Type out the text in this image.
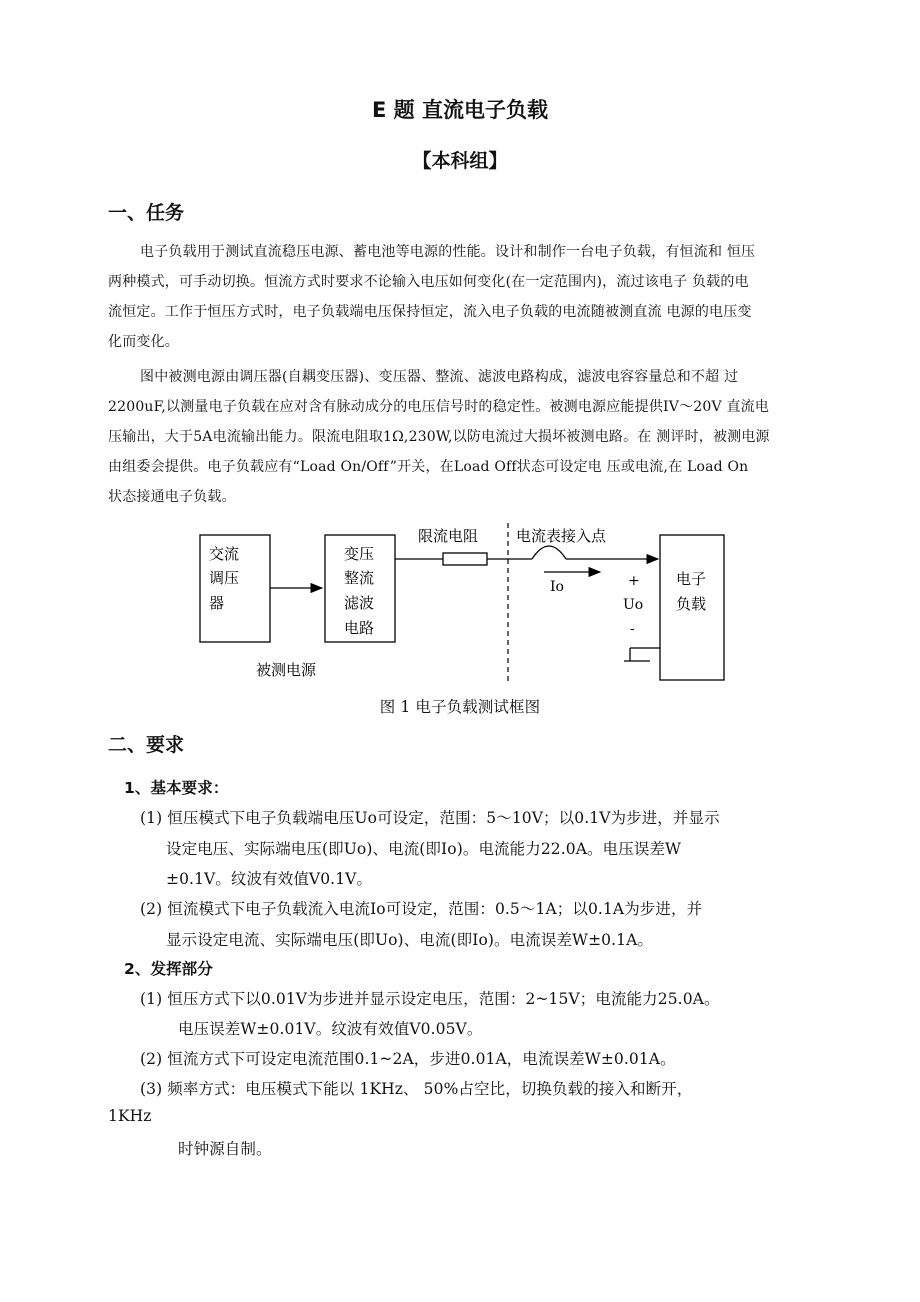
E 题 直流电子负载
【本科组】
一、任务
电子负载用于测试直流稳压电源、蓄电池等电源的性能。设计和制作一台电子负载，有恒流和 恒压
两种模式，可手动切换。恒流方式时要求不论输入电压如何变化(在一定范围内)，流过该电子 负载的电
流恒定。工作于恒压方式时，电子负载端电压保持恒定，流入电子负载的电流随被测直流 电源的电压变
化而变化。
图中被测电源由调压器(自耦变压器)、变压器、整流、滤波电路构成，滤波电容容量总和不超 过
2200uF,以测量电子负载在应对含有脉动成分的电压信号时的稳定性。被测电源应能提供IV〜20V 直流电
压输出，大于5A电流输出能力。限流电阻取1Ω,230W,以防电流过大损坏被测电路。在 测评时，被测电源
由组委会提供。电子负载应有“Load On/Off”开关，在Load Off状态可设定电 压或电流,在 Load On
状态接通电子负载。
交流
调压
器
变压
整流
滤波
电路
限流电阻	电流表接入点
Io	+
Uo
-
电子
负载
被测电源
图 1 电子负载测试框图
二、要求
1、基本要求：
(1) 恒压模式下电子负载端电压Uo可设定，范围：5〜10V；以0.1V为步进，并显示
设定电压、实际端电压(即Uo)、电流(即Io)。电流能力22.0A。电压误差W
±0.1V。纹波有效值V0.1V。
(2) 恒流模式下电子负载流入电流Io可设定，范围：0.5〜1A；以0.1A为步进，并
显示设定电流、实际端电压(即Uo)、电流(即Io)。电流误差W±0.1A。
2、发挥部分
(1) 恒压方式下以0.01V为步进并显示设定电压，范围：2~15V；电流能力25.0A。
电压误差W±0.01V。纹波有效值V0.05V。
(2) 恒流方式下可设定电流范围0.1~2A，步进0.01A，电流误差W±0.01A。
(3) 频率方式：电压模式下能以 1KHz、 50%占空比，切换负载的接入和断开，
1KHz
时钟源自制。
